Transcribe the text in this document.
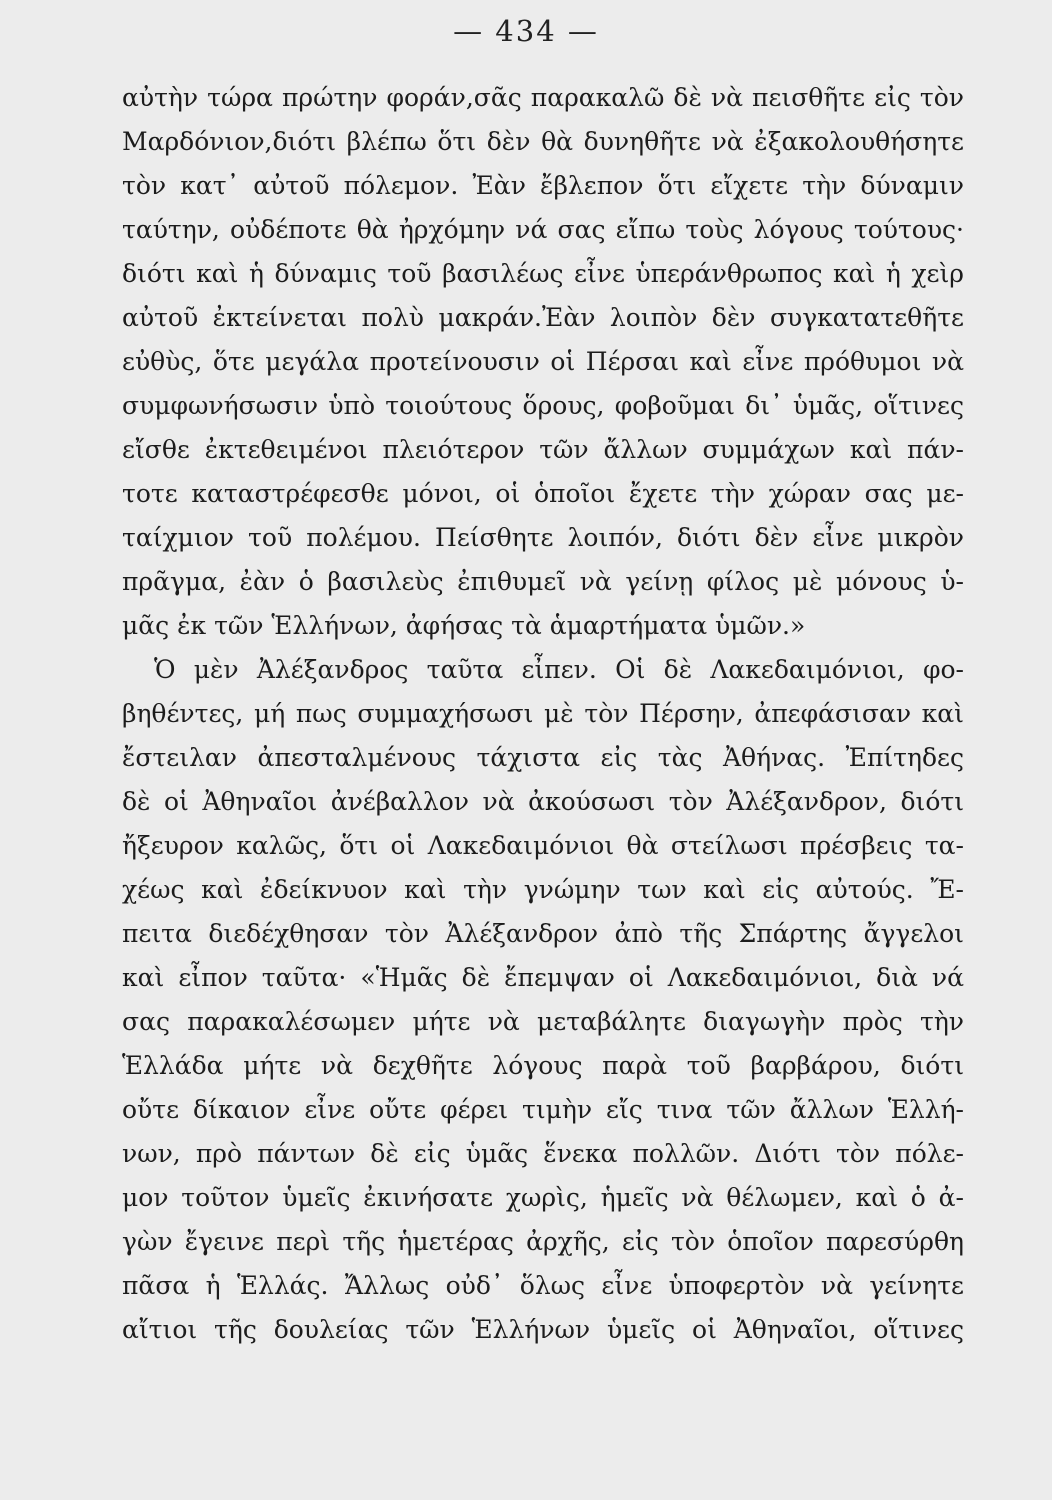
— 434 —
αὐτὴν τώρα πρώτην φοράν,σᾶς παρακαλῶ δὲ νὰ πεισθῆτε εἰς τὸν
Μαρδόνιον,διότι βλέπω ὅτι δὲν θὰ δυνηθῆτε νὰ ἐξακολουθήσητε
τὸν κατ᾽ αὐτοῦ πόλεμον. Ἐὰν ἔβλεπον ὅτι εἴχετε τὴν δύναμιν
ταύτην, οὐδέποτε θὰ ἠρχόμην νά σας εἴπω τοὺς λόγους τούτους·
διότι καὶ ἡ δύναμις τοῦ βασιλέως εἶνε ὑπεράνθρωπος καὶ ἡ χεὶρ
αὐτοῦ ἐκτείνεται πολὺ μακράν.Ἐὰν λοιπὸν δὲν συγκατατεθῆτε
εὐθὺς, ὅτε μεγάλα προτείνουσιν οἱ Πέρσαι καὶ εἶνε πρόθυμοι νὰ
συμφωνήσωσιν ὑπὸ τοιούτους ὅρους, φοβοῦμαι δι᾽ ὑμᾶς, οἵτινες
εἴσθε ἐκτεθειμένοι πλειότερον τῶν ἄλλων συμμάχων καὶ πάν-
τοτε καταστρέφεσθε μόνοι, οἱ ὁποῖοι ἔχετε τὴν χώραν σας με-
ταίχμιον τοῦ πολέμου. Πείσθητε λοιπόν, διότι δὲν εἶνε μικρὸν
πρᾶγμα, ἐὰν ὁ βασιλεὺς ἐπιθυμεῖ νὰ γείνῃ φίλος μὲ μόνους ὑ-
μᾶς ἐκ τῶν Ἑλλήνων, ἀφήσας τὰ ἁμαρτήματα ὑμῶν.»
Ὁ μὲν Ἀλέξανδρος ταῦτα εἶπεν. Οἱ δὲ Λακεδαιμόνιοι, φο-
βηθέντες, μή πως συμμαχήσωσι μὲ τὸν Πέρσην, ἀπεφάσισαν καὶ
ἔστειλαν ἀπεσταλμένους τάχιστα εἰς τὰς Ἀθήνας. Ἐπίτηδες
δὲ οἱ Ἀθηναῖοι ἀνέβαλλον νὰ ἀκούσωσι τὸν Ἀλέξανδρον, διότι
ἤξευρον καλῶς, ὅτι οἱ Λακεδαιμόνιοι θὰ στείλωσι πρέσβεις τα-
χέως καὶ ἐδείκνυον καὶ τὴν γνώμην των καὶ εἰς αὐτούς. Ἔ-
πειτα διεδέχθησαν τὸν Ἀλέξανδρον ἀπὸ τῆς Σπάρτης ἄγγελοι
καὶ εἶπον ταῦτα· «Ἡμᾶς δὲ ἔπεμψαν οἱ Λακεδαιμόνιοι, διὰ νά
σας παρακαλέσωμεν μήτε νὰ μεταβάλητε διαγωγὴν πρὸς τὴν
Ἑλλάδα μήτε νὰ δεχθῆτε λόγους παρὰ τοῦ βαρβάρου, διότι
οὔτε δίκαιον εἶνε οὔτε φέρει τιμὴν εἴς τινα τῶν ἄλλων Ἑλλή-
νων, πρὸ πάντων δὲ εἰς ὑμᾶς ἕνεκα πολλῶν. Διότι τὸν πόλε-
μον τοῦτον ὑμεῖς ἐκινήσατε χωρὶς, ἡμεῖς νὰ θέλωμεν, καὶ ὁ ἀ-
γὼν ἔγεινε περὶ τῆς ἡμετέρας ἀρχῆς, εἰς τὸν ὁποῖον παρεσύρθη
πᾶσα ἡ Ἑλλάς. Ἄλλως οὐδ᾽ ὅλως εἶνε ὑποφερτὸν νὰ γείνητε
αἴτιοι τῆς δουλείας τῶν Ἑλλήνων ὑμεῖς οἱ Ἀθηναῖοι, οἵτινες
